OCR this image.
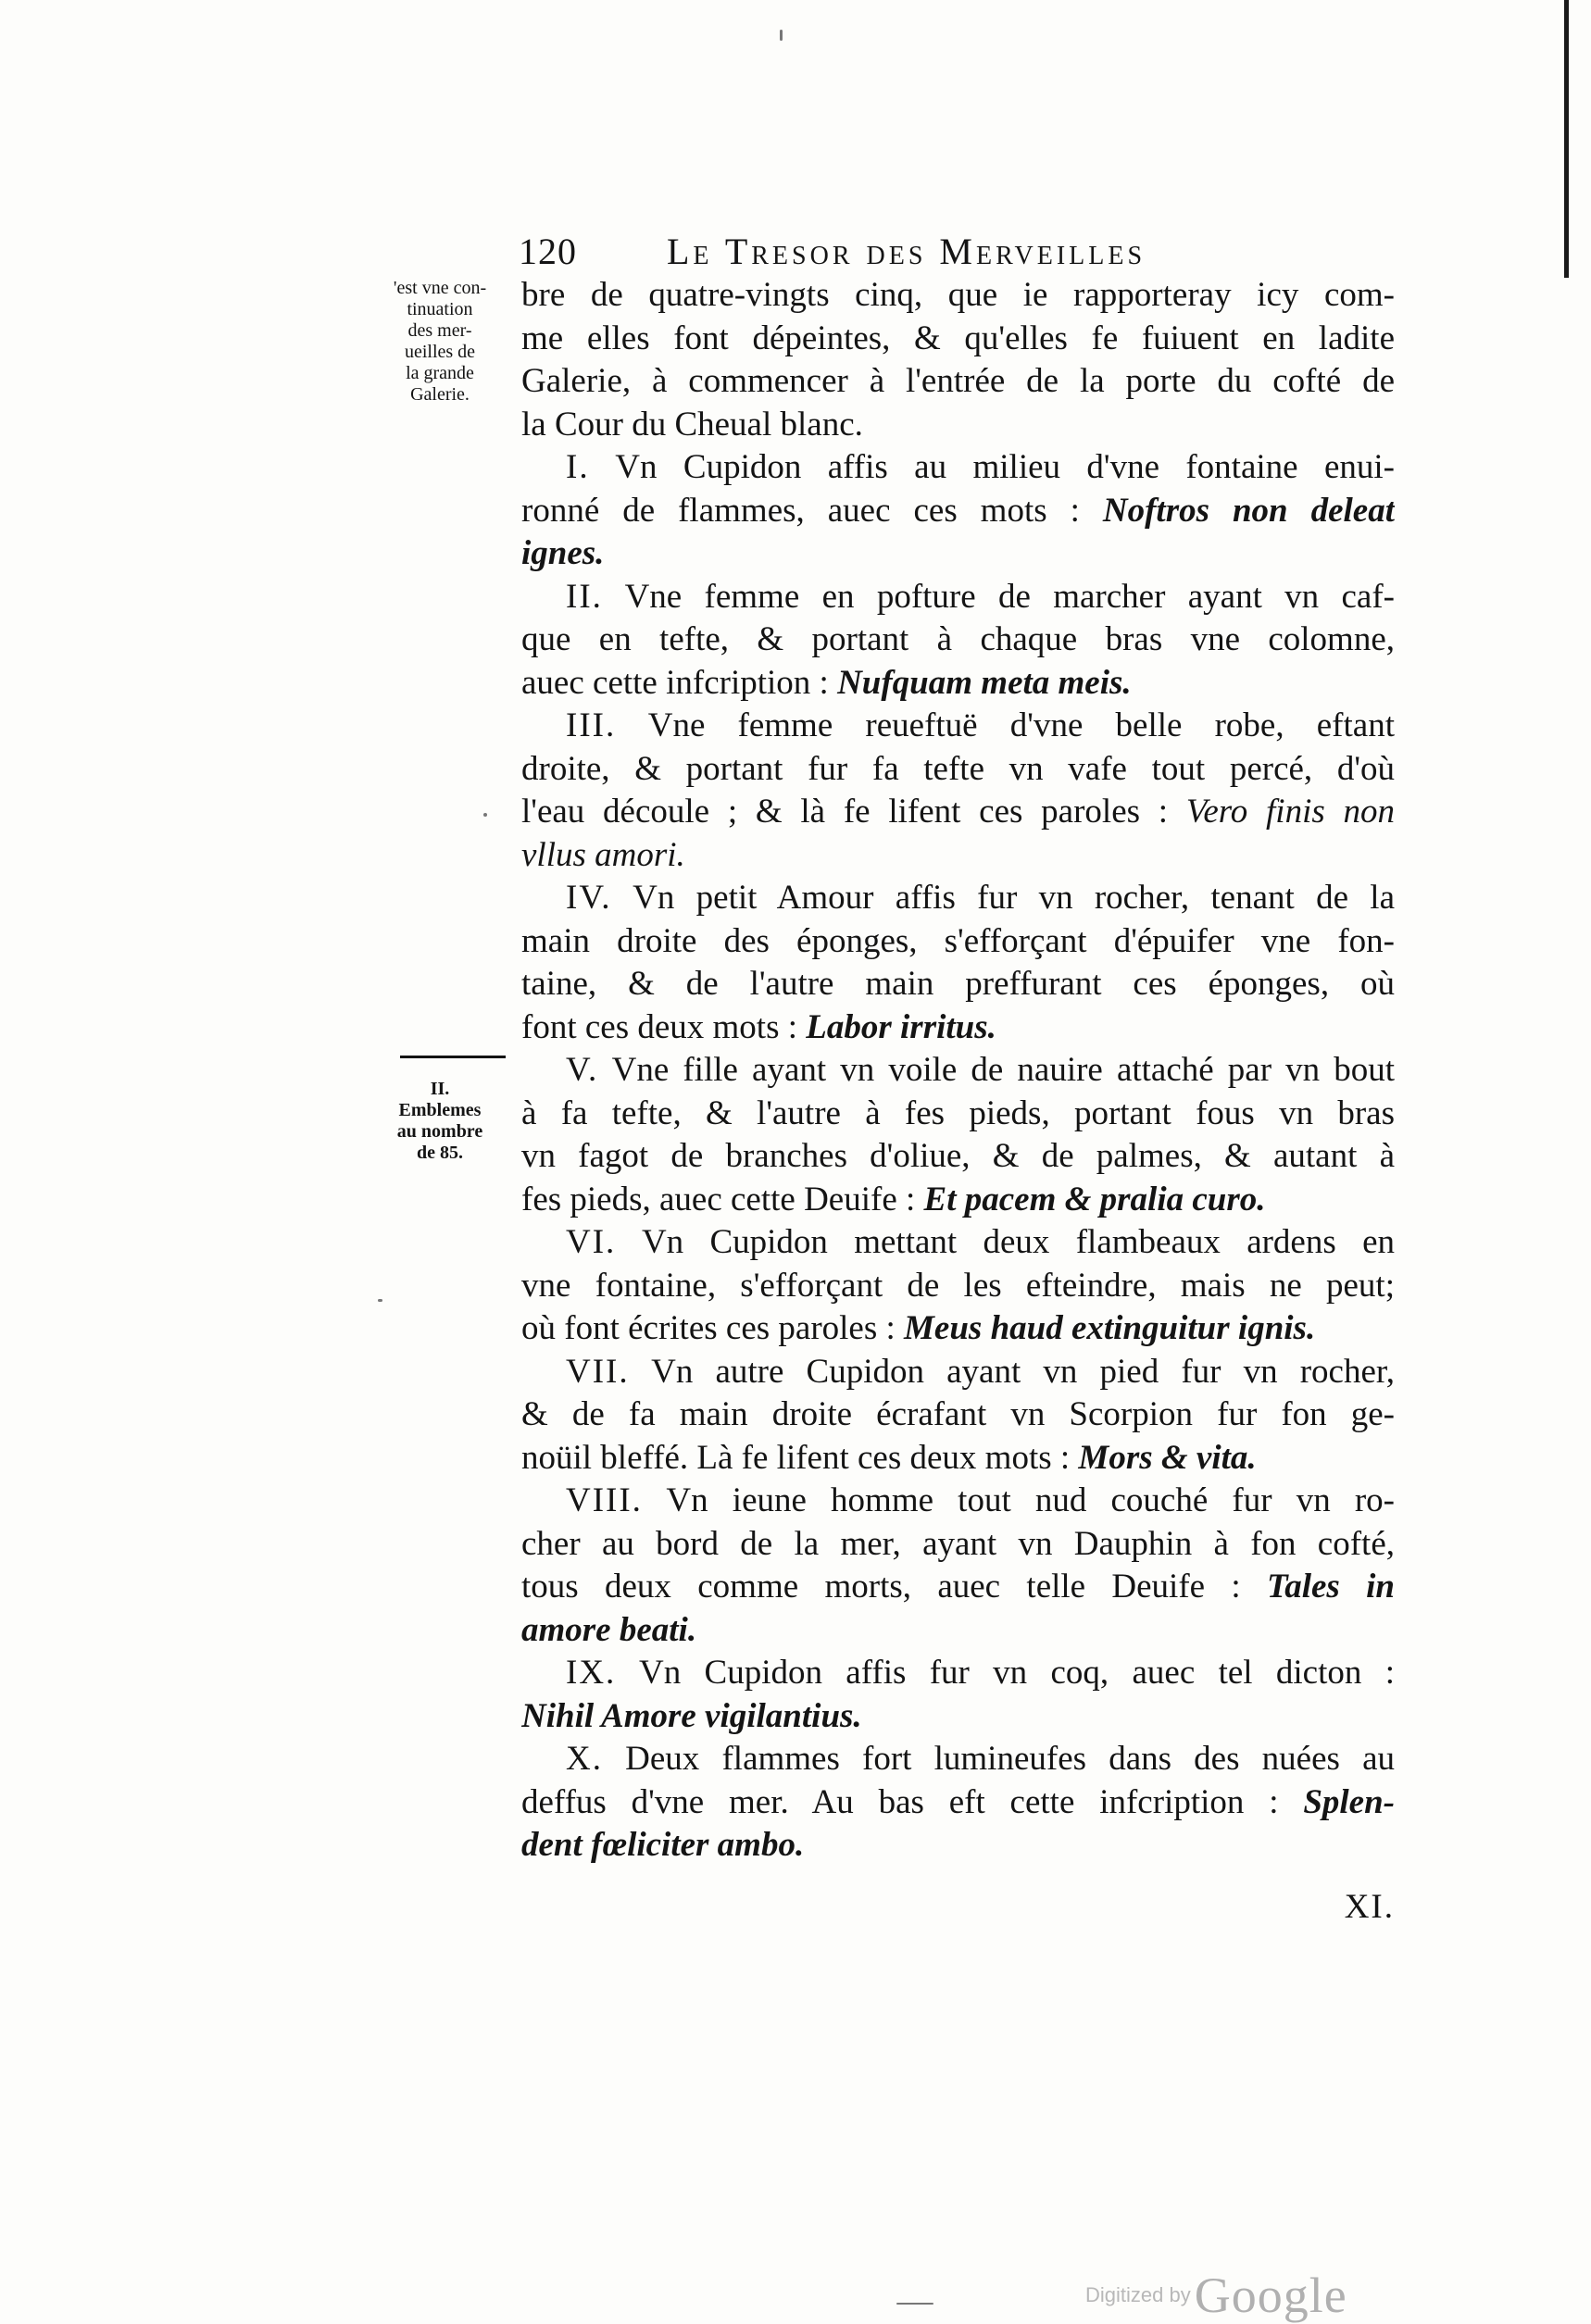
120 Le Tresor des Merveilles
'est vne con-
tinuation
des mer-
ueilles de
la grande
Galerie.
II.
Emblemes
au nombre
de 85.
bre de quatre-vingts cinq, que ie rapporteray icy com-
me elles font dépeintes, & qu'elles fe fuiuent en ladite
Galerie, à commencer à l'entrée de la porte du cofté de
la Cour du Cheual blanc.
I. Vn Cupidon affis au milieu d'vne fontaine enui-
ronné de flammes, auec ces mots : Noftros non deleat
ignes.
II. Vne femme en pofture de marcher ayant vn caf-
que en tefte, & portant à chaque bras vne colomne,
auec cette infcription : Nufquam meta meis.
III. Vne femme reueftuë d'vne belle robe, eftant
droite, & portant fur fa tefte vn vafe tout percé, d'où
l'eau découle ; & là fe lifent ces paroles : Vero finis non
vllus amori.
IV. Vn petit Amour affis fur vn rocher, tenant de la
main droite des éponges, s'efforçant d'épuifer vne fon-
taine, & de l'autre main preffurant ces éponges, où
font ces deux mots : Labor irritus.
V. Vne fille ayant vn voile de nauire attaché par vn bout
à fa tefte, & l'autre à fes pieds, portant fous vn bras
vn fagot de branches d'oliue, & de palmes, & autant à
fes pieds, auec cette Deuife : Et pacem & pralia curo.
VI. Vn Cupidon mettant deux flambeaux ardens en
vne fontaine, s'efforçant de les efteindre, mais ne peut;
où font écrites ces paroles : Meus haud extinguitur ignis.
VII. Vn autre Cupidon ayant vn pied fur vn rocher,
& de fa main droite écrafant vn Scorpion fur fon ge-
noüil bleffé. Là fe lifent ces deux mots : Mors & vita.
VIII. Vn ieune homme tout nud couché fur vn ro-
cher au bord de la mer, ayant vn Dauphin à fon cofté,
tous deux comme morts, auec telle Deuife : Tales in
amore beati.
IX. Vn Cupidon affis fur vn coq, auec tel dicton :
Nihil Amore vigilantius.
X. Deux flammes fort lumineufes dans des nuées au
deffus d'vne mer. Au bas eft cette infcription : Splen-
dent fœliciter ambo.
XI.
Digitized by Google
